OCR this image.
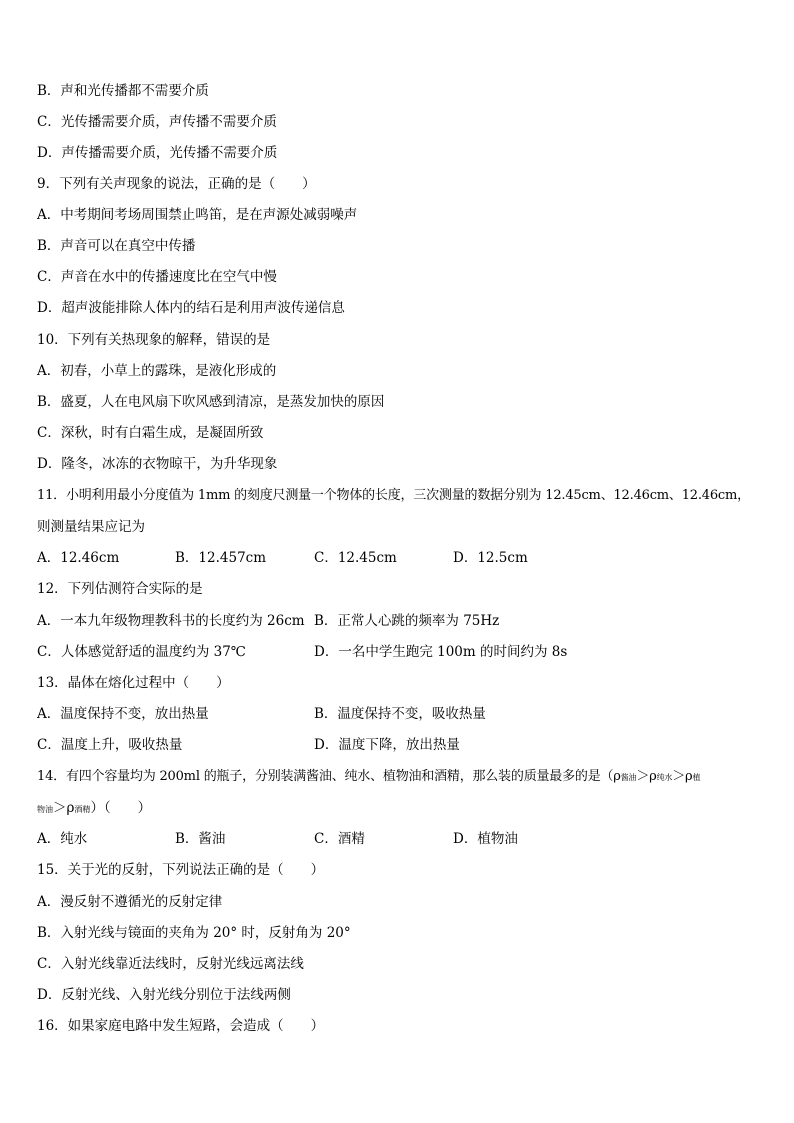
B．声和光传播都不需要介质
C．光传播需要介质，声传播不需要介质
D．声传播需要介质，光传播不需要介质
9．下列有关声现象的说法，正确的是（　　）
A．中考期间考场周围禁止鸣笛，是在声源处减弱噪声
B．声音可以在真空中传播
C．声音在水中的传播速度比在空气中慢
D．超声波能排除人体内的结石是利用声波传递信息
10．下列有关热现象的解释，错误的是
A．初春，小草上的露珠，是液化形成的
B．盛夏，人在电风扇下吹风感到清凉，是蒸发加快的原因
C．深秋，时有白霜生成，是凝固所致
D．隆冬，冰冻的衣物晾干，为升华现象
11．小明利用最小分度值为 1mm 的刻度尺测量一个物体的长度，三次测量的数据分别为 12.45cm、12.46cm、12.46cm，
则测量结果应记为
A．12.46cm	B．12.457cm	C．12.45cm	D．12.5cm
12．下列估测符合实际的是
A．一本九年级物理教科书的长度约为 26cm B．正常人心跳的频率为 75Hz
C．人体感觉舒适的温度约为 37℃	D．一名中学生跑完 100m 的时间约为 8s
13．晶体在熔化过程中（　　）
A．温度保持不变，放出热量	B．温度保持不变，吸收热量
C．温度上升，吸收热量	D．温度下降，放出热量
14．有四个容量均为 200ml 的瓶子，分别装满酱油、纯水、植物油和酒精，那么装的质量最多的是（ρ酱油＞ρ纯水＞ρ植
物油＞ρ酒精）（　　）
A．纯水	B．酱油	C．酒精	D．植物油
15．关于光的反射，下列说法正确的是（　　）
A．漫反射不遵循光的反射定律
B．入射光线与镜面的夹角为 20° 时，反射角为 20°
C．入射光线靠近法线时，反射光线远离法线
D．反射光线、入射光线分别位于法线两侧
16．如果家庭电路中发生短路，会造成（　　）
